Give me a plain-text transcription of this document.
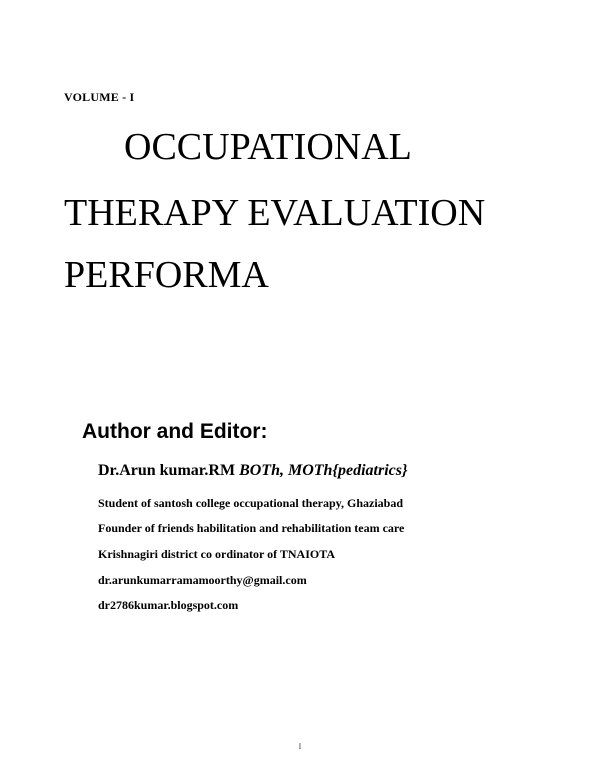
VOLUME - I
OCCUPATIONAL
THERAPY EVALUATION
PERFORMA
Author and Editor:
Dr.Arun kumar.RM BOTh, MOTh{pediatrics}
Student of santosh college occupational therapy, Ghaziabad
Founder of friends habilitation and rehabilitation team care
Krishnagiri district co ordinator of TNAIOTA
dr.arunkumarramamoorthy@gmail.com
dr2786kumar.blogspot.com
I
